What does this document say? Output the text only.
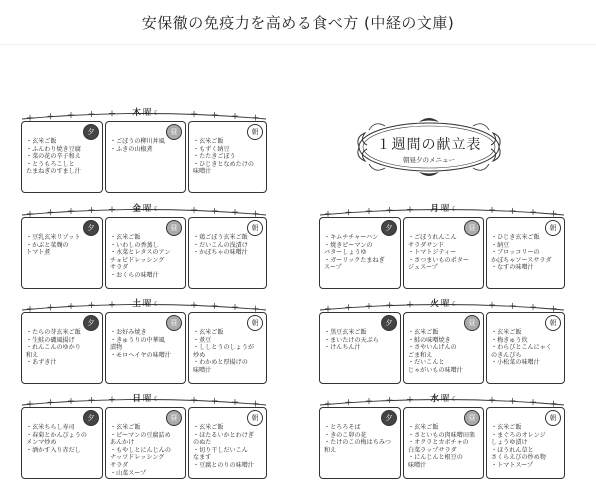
安保徹の免疫力を高める食べ方 (中経の文庫)
１週間の献立表
朝昼夕のメニュー
木 曜 ☾
夕
・玄米ご飯
・ふんわり焼き豆腐
・菜の花の辛子和え
・とうもろこしと
たまねぎのすまし汁
昼
・ごぼうの柳川丼風
・ふきの山椒煮
朝
・玄米ご飯
・もずく納豆
・たたきごぼう
・ひじきとなめたけの
味噌汁
金 曜 ☾
夕
・豆乳玄米リゾット
・かぶと菜麹の
トマト煮
昼
・玄米ご飯
・いわしの香蒸し
・水菜とレタスのアン
チョビドレッシング
サラダ
・おくらの味噌汁
朝
・鶏ごぼう玄米ご飯
・だいこんの浅漬け
・かぼちゃの味噌汁
土 曜 ☾
夕
・たらの芽玄米ご飯
・生鮭の磯風揚げ
・れんこんのゆかり
和え
・あずき汁
昼
・お好み焼き
・きゅうりの中華風
漬物
・モロヘイヤの味噌汁
朝
・玄米ご飯
・煮豆
・ししとうのしょうが
炒め
・わかめと厚揚げの
味噌汁
日 曜 ☾
夕
・玄米ちらし寿司
・春菊とかんぴょうの
メンマ炒め
・酒かす入り赤だし
昼
・玄米ご飯
・ピーマンの豆腐詰め
あんかけ
・もやしとにんじんの
ナッツドレッシング
サラダ
・山菜スープ
朝
・玄米ご飯
・ほたるいかとわけぎ
のぬた
・切り干しだいこん
なます
・豆腐とのりの味噌汁
月 曜 ☾
夕
・キムチチャーハン
・焼きピーマンの
バターしょうゆ
・ガーリックたまねぎ
スープ
昼
・ごぼうれんこん
サラダサンド
・トマトジティー
・さつまいものポター
ジュスープ
朝
・ひじき玄米ご飯
・納豆
・ブロッコリーの
かぼちゃソースサラダ
・なすの味噌汁
火 曜 ☾
夕
・黒豆玄米ご飯
・まいたけの天ぷら
・けんちん汁
昼
・玄米ご飯
・鮭の味噌焼き
・さやいんげんの
ごま和え
・だいこんと
じゃがいもの味噌汁
朝
・玄米ご飯
・梅きゅう炊
・わらびとこんにゃく
のきんぴら
・小松菜の味噌汁
水 曜 ☾
夕
・とろろそば
・きのこ卯の花
・たけのこの梅はちみつ
和え
昼
・玄米ご飯
・さといもの肉味噌田楽
・オクラとカボチャの
白菜ラップサラダ
・にんじんと根豆の
味噌汁
朝
・玄米ご飯
・まぐろのオレンジ
しょうゆ漬け
・ほうれん草と
さくらえびの炒め物
・トマトスープ
